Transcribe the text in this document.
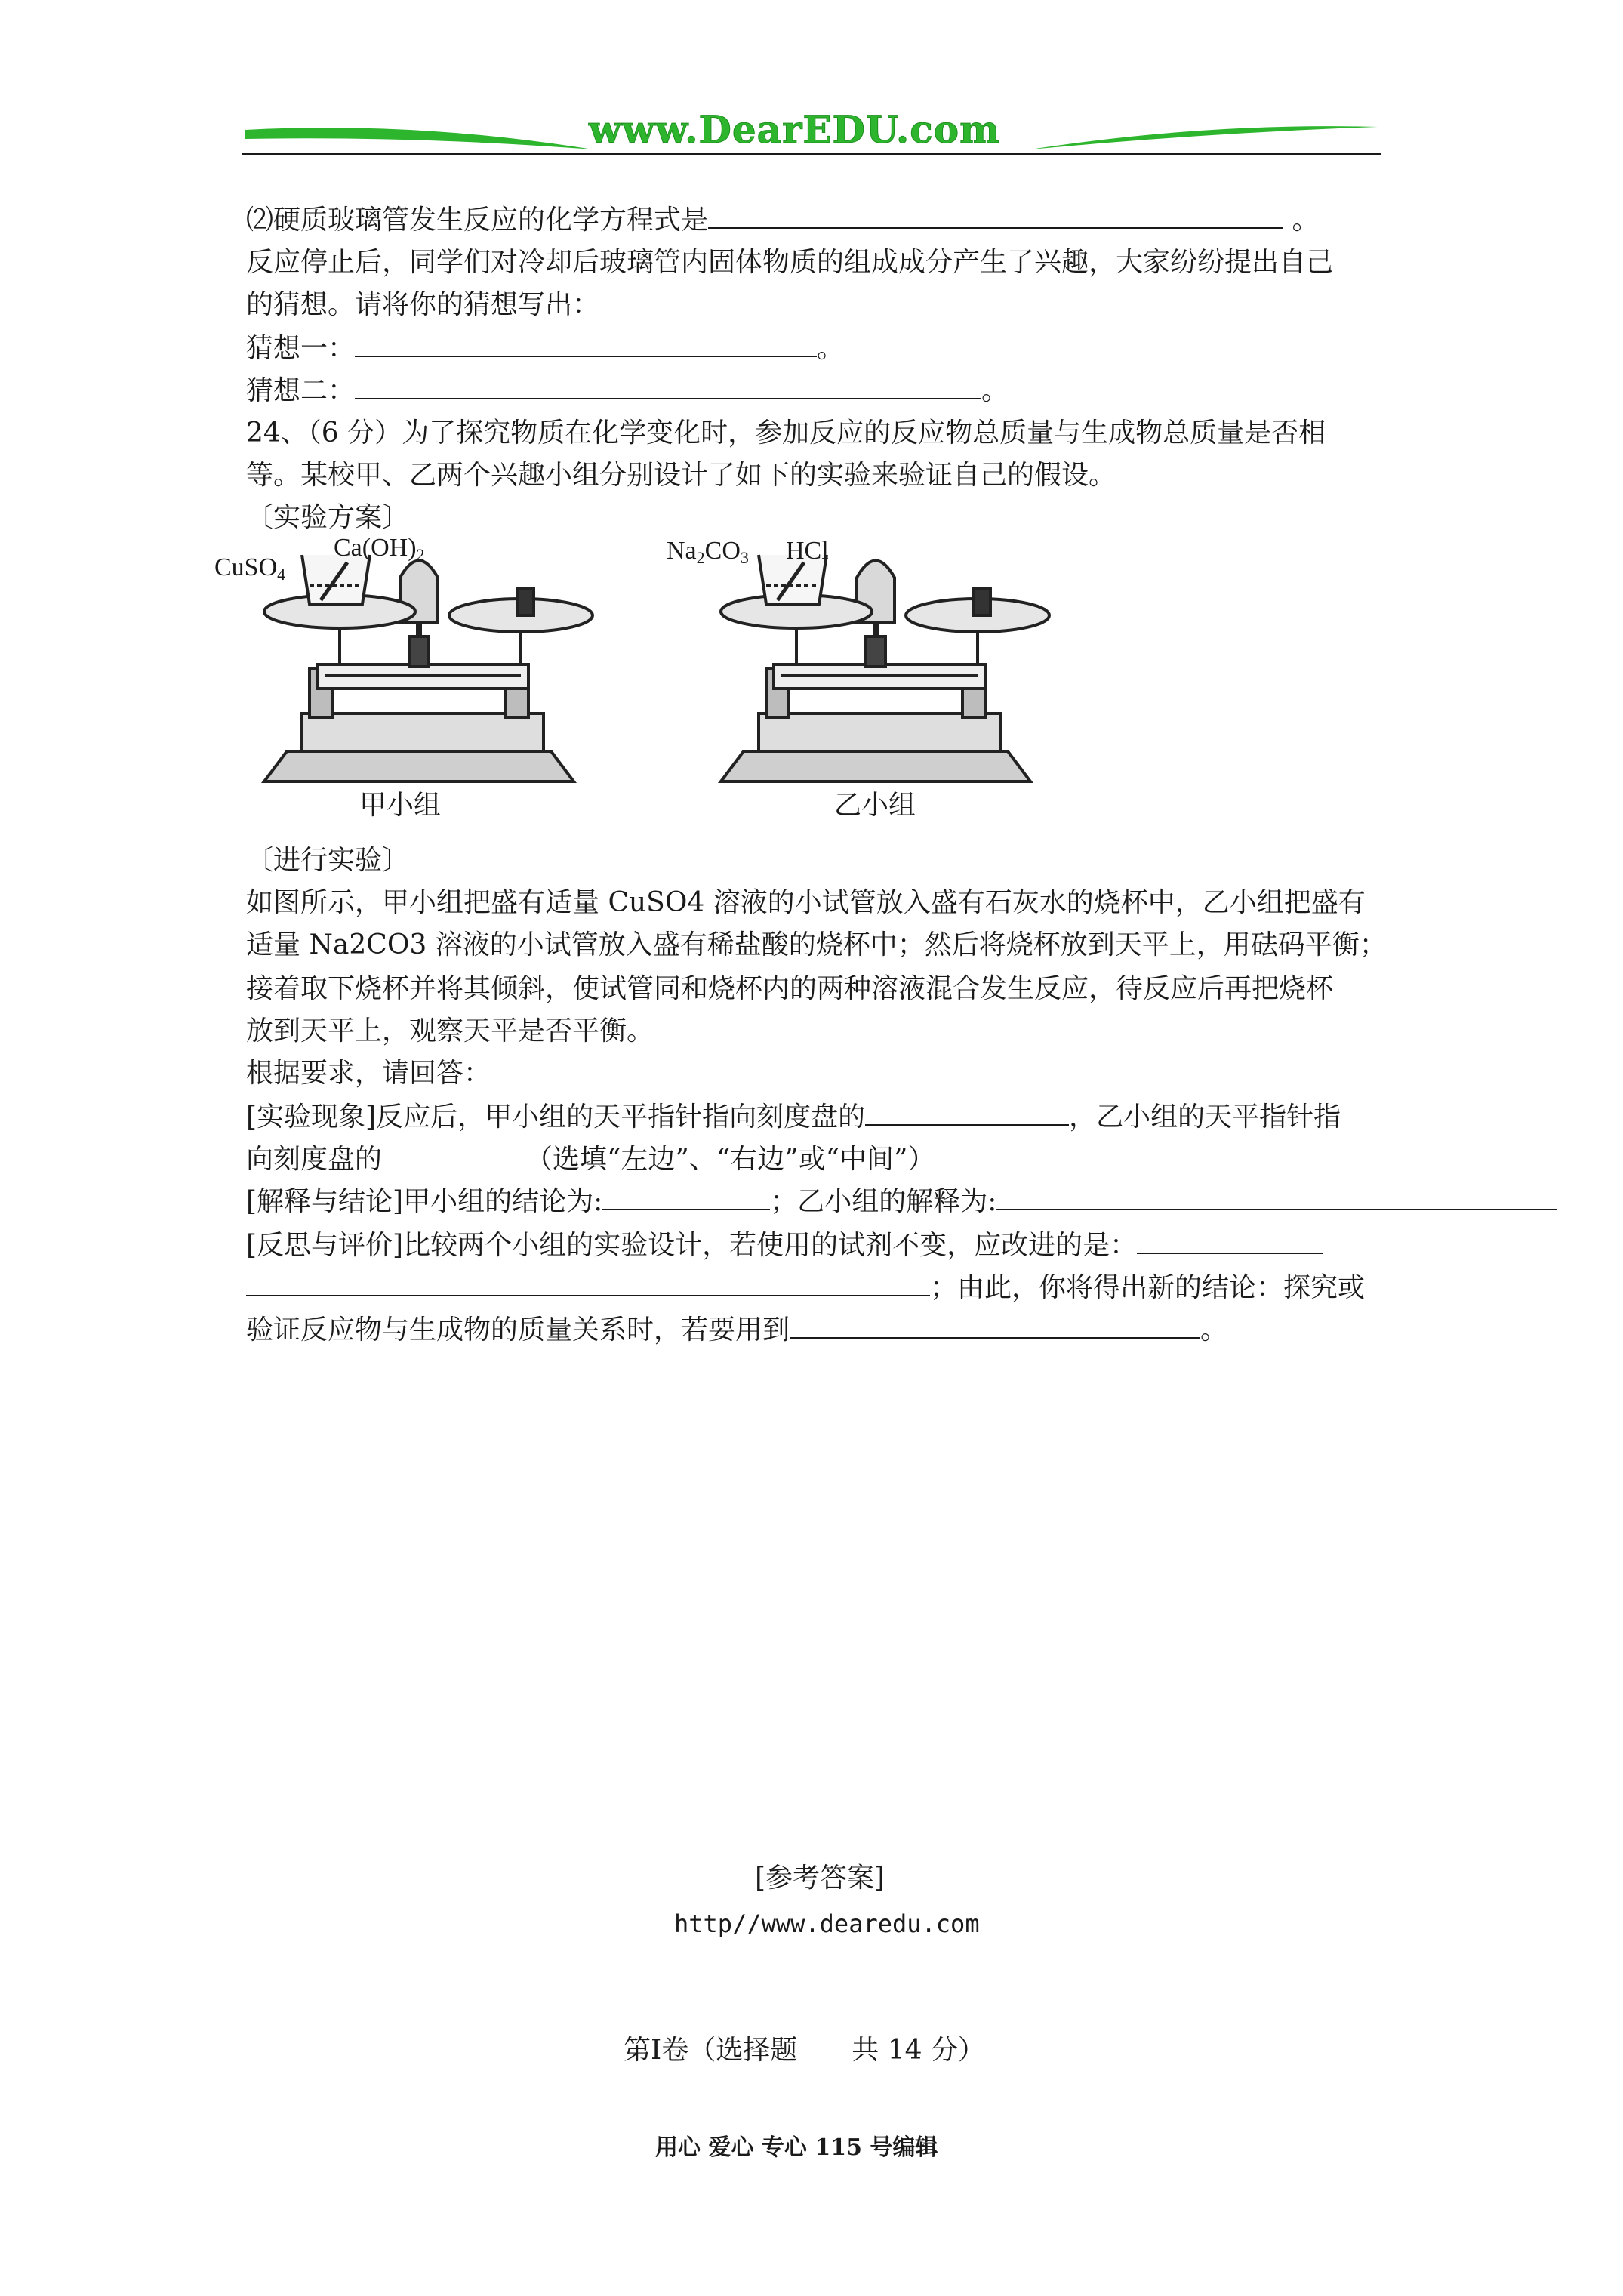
www.DearEDU.com
⑵硬质玻璃管发生反应的化学方程式是	。
反应停止后，同学们对冷却后玻璃管内固体物质的组成成分产生了兴趣，大家纷纷提出自己
的猜想。请将你的猜想写出：
猜想一：	。
猜想二：	。
24、（6 分）为了探究物质在化学变化时，参加反应的反应物总质量与生成物总质量是否相
等。某校甲、乙两个兴趣小组分别设计了如下的实验来验证自己的假设。
〔实验方案〕
CuSO$_4$
$Ca(OH)_2$
甲小组
$Na_2CO_3$ HCl
乙小组
〔进行实验〕
如图所示，甲小组把盛有适量 CuSO4 溶液的小试管放入盛有石灰水的烧杯中，乙小组把盛有
适量 Na2CO3 溶液的小试管放入盛有稀盐酸的烧杯中；然后将烧杯放到天平上，用砝码平衡；
接着取下烧杯并将其倾斜，使试管同和烧杯内的两种溶液混合发生反应，待反应后再把烧杯
放到天平上，观察天平是否平衡。
根据要求，请回答：
[实验现象]反应后，甲小组的天平指针指向刻度盘的	，乙小组的天平指针指
向刻度盘的	（选填“左边”、“右边”或“中间”）
[解释与结论]甲小组的结论为:	；乙小组的解释为:
[反思与评价]比较两个小组的实验设计，若使用的试剂不变，应改进的是：
；由此，你将得出新的结论：探究或
验证反应物与生成物的质量关系时，若要用到	。
[参考答案]
http//www.dearedu.com
第Ⅰ卷（选择题　　共 14 分）
用心 爱心 专心 115 号编辑
